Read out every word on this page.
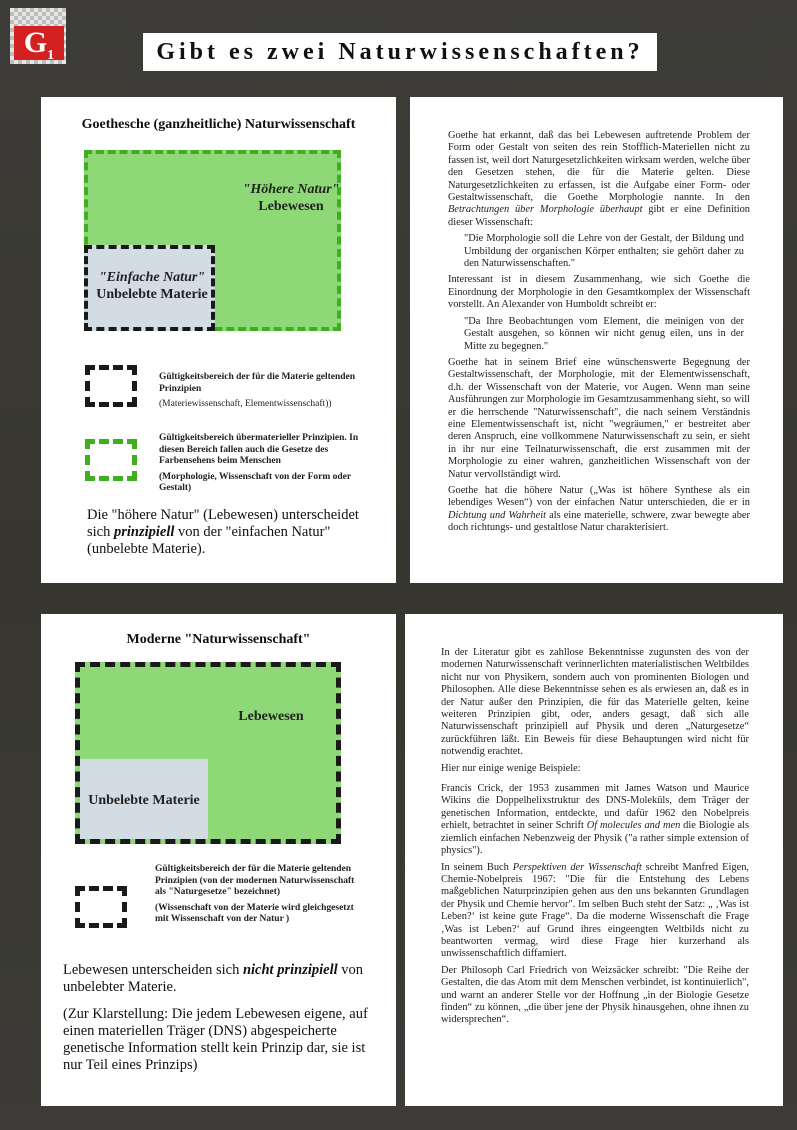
$G_1$	Gibt es zwei Naturwissenschaften?
Goethesche (ganzheitliche) Naturwissenschaft
"Höhere Natur"
Lebewesen
"Einfache Natur"
Unbelebte Materie
Gültigkeitsbereich der für die Materie geltenden Prinzipien
(Materiewissenschaft, Elementwissenschaft))
Gültigkeitsbereich übermaterieller Prinzipien. In diesen Bereich fallen auch die Gesetze des Farbensehens beim Menschen
(Morphologie, Wissenschaft von der Form oder Gestalt)
Die "höhere Natur" (Lebewesen) unterscheidet sich prinzipiell von der "einfachen Natur" (unbelebte Materie).

Goethe hat erkannt, daß das bei Lebewesen auftretende Problem der Form oder Gestalt von seiten des rein Stofflich-Materiellen nicht zu fassen ist, weil dort Naturgesetzlichkeiten wirksam werden, welche über den Gesetzen stehen, die für die Materie gelten. Diese Naturgesetzlichkeiten zu erfassen, ist die Aufgabe einer Form- oder Gestaltwissenschaft, die Goethe Morphologie nannte. In den Betrachtungen über Morphologie überhaupt gibt er eine Definition dieser Wissenschaft:

"Die Morphologie soll die Lehre von der Gestalt, der Bildung und Umbildung der organischen Körper enthalten; sie gehört daher zu den Naturwissenschaften."

Interessant ist in diesem Zusammenhang, wie sich Goethe die Einordnung der Morphologie in den Gesamtkomplex der Wissenschaft vorstellt. An Alexander von Humboldt schreibt er:

"Da Ihre Beobachtungen vom Element, die meinigen von der Gestalt ausgehen, so können wir nicht genug eilen, uns in der Mitte zu begegnen."

Goethe hat in seinem Brief eine wünschenswerte Begegnung der Gestaltwissenschaft, der Morphologie, mit der Elementwissenschaft, d.h. der Wissenschaft von der Materie, vor Augen. Wenn man seine Ausführungen zur Morphologie im Gesamtzusammenhang sieht, so will er die herrschende "Naturwissenschaft", die nach seinem Verständnis eine Elementwissenschaft ist, nicht "wegräumen," er bestreitet aber deren Anspruch, eine vollkommene Naturwissenschaft zu sein, er sieht in ihr nur eine Teilnaturwissenschaft, die erst zusammen mit der Morphologie zu einer wahren, ganzheitlichen Wissenschaft von der Natur vervollständigt wird.

Goethe hat die höhere Natur („Was ist höhere Synthese als ein lebendiges Wesen“) von der einfachen Natur unterschieden, die er in Dichtung und Wahrheit als eine materielle, schwere, zwar bewegte aber doch richtungs- und gestaltlose Natur charakterisiert.

Moderne "Naturwissenschaft"
Lebewesen
Unbelebte Materie
Gültigkeitsbereich der für die Materie geltenden Prinzipien (von der modernen Naturwissenschaft als "Naturgesetze" bezeichnet)
(Wissenschaft von der Materie wird gleichgesetzt mit Wissenschaft von der Natur )
Lebewesen unterscheiden sich nicht prinzipiell von unbelebter Materie.
(Zur Klarstellung: Die jedem Lebewesen eigene, auf einen materiellen Träger (DNS) abgespeicherte genetische Information stellt kein Prinzip dar, sie ist nur Teil eines Prinzips)

In der Literatur gibt es zahllose Bekenntnisse zugunsten des von der modernen Naturwissenschaft verinnerlichten materialistischen Weltbildes nicht nur von Physikern, sondern auch von prominenten Biologen und Philosophen. Alle diese Bekenntnisse sehen es als erwiesen an, daß es in der Natur außer den Prinzipien, die für das Materielle gelten, keine weiteren Prinzipien gibt, oder, anders gesagt, daß sich alle Naturwissenschaft prinzipiell auf Physik und deren „Naturgesetze“ zurückführen läßt. Ein Beweis für diese Behauptungen wird nicht für notwendig erachtet.

Hier nur einige wenige Beispiele:

Francis Crick, der 1953 zusammen mit James Watson und Maurice Wikins die Doppelhelixstruktur des DNS-Moleküls, dem Träger der genetischen Information, entdeckte, und dafür 1962 den Nobelpreis erhielt, betrachtet in seiner Schrift Of molecules and men die Biologie als ziemlich einfachen Nebenzweig der Physik ("a rather simple extension of physics").

In seinem Buch Perspektiven der Wissenschaft schreibt Manfred Eigen, Chemie-Nobelpreis 1967: "Die für die Entstehung des Lebens maßgeblichen Naturprinzipien gehen aus den uns bekannten Grundlagen der Physik und Chemie hervor". Im selben Buch steht der Satz: „ ‚Was ist Leben?‘ ist keine gute Frage“. Da die moderne Wissenschaft die Frage ‚Was ist Leben?‘ auf Grund ihres eingeengten Weltbilds nicht zu beantworten vermag, wird diese Frage hier kurzerhand als unwissenschaftlich diffamiert.

Der Philosoph Carl Friedrich von Weizsäcker schreibt: "Die Reihe der Gestalten, die das Atom mit dem Menschen verbindet, ist kontinuierlich", und warnt an anderer Stelle vor der Hoffnung „in der Biologie Gesetze finden“ zu können, „die über jene der Physik hinausgehen, ohne ihnen zu widersprechen“.
